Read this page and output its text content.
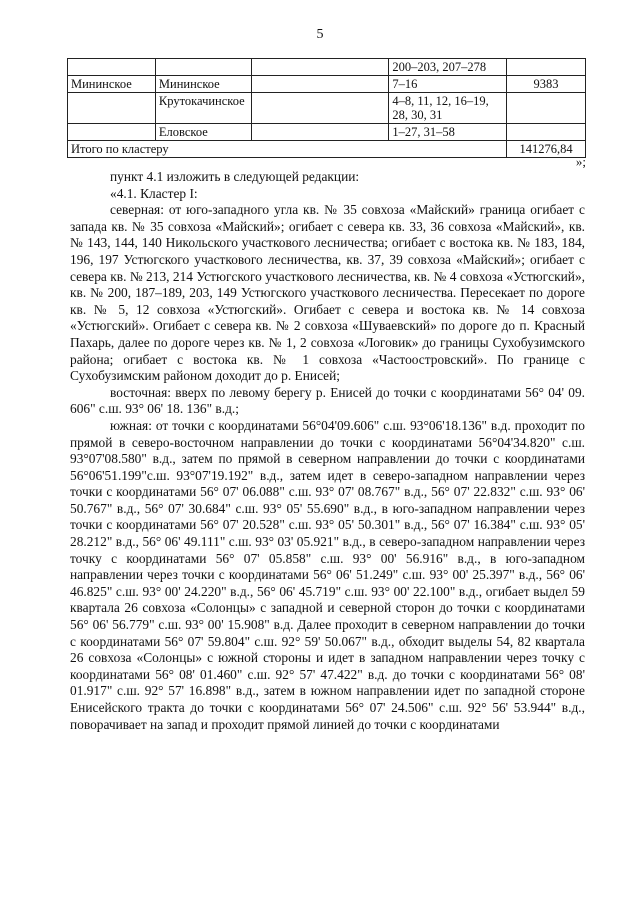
5
			200–203, 207–278	
Мининское	Мининское		7–16	9383
	Крутокачинское		4–8, 11, 12, 16–19, 28, 30, 31	
	Еловское		1–27, 31–58	
Итого по кластеру				141276,84
»;

пункт 4.1 изложить в следующей редакции:

«4.1. Кластер I:

северная: от юго-западного угла кв. № 35 совхоза «Майский» граница огибает с запада кв. № 35 совхоза «Майский»; огибает с севера кв. 33, 36 совхоза «Майский», кв. № 143, 144, 140 Никольского участкового лесничества; огибает с востока кв. № 183, 184, 196, 197 Устюгского участкового лесничества, кв. 37, 39 совхоза «Майский»; огибает с севера кв. № 213, 214 Устюгского участкового лесничества, кв. № 4 совхоза «Устюгский», кв. № 200, 187–189, 203, 149 Устюгского участкового лесничества. Пересекает по дороге кв. № 5, 12 совхоза «Устюгский». Огибает с севера и востока кв. № 14 совхоза «Устюгский». Огибает с севера кв. № 2 совхоза «Шуваевский» по дороге до п. Красный Пахарь, далее по дороге через кв. № 1, 2 совхоза «Логовик» до границы Сухобузимского района; огибает с востока кв. № 1 совхоза «Частоостровский». По границе с Сухобузимским районом доходит до р. Енисей;

восточная: вверх по левому берегу р. Енисей до точки с координатами 56° 04' 09. 606" с.ш. 93° 06' 18. 136" в.д.;

южная: от точки с координатами 56°04'09.606" с.ш. 93°06'18.136" в.д. проходит по прямой в северо-восточном направлении до точки с координатами 56°04'34.820" с.ш. 93°07'08.580" в.д., затем по прямой в северном направлении до точки с координатами 56°06'51.199"с.ш. 93°07'19.192" в.д., затем идет в северо-западном направлении через точки с координатами 56° 07' 06.088" с.ш. 93° 07' 08.767" в.д., 56° 07' 22.832" с.ш. 93° 06' 50.767" в.д., 56° 07' 30.684" с.ш. 93° 05' 55.690" в.д., в юго-западном направлении через точки с координатами 56° 07' 20.528" с.ш. 93° 05' 50.301" в.д., 56° 07' 16.384" с.ш. 93° 05' 28.212" в.д., 56° 06' 49.111" с.ш. 93° 03' 05.921" в.д., в северо-западном направлении через точку с координатами 56° 07' 05.858" с.ш. 93° 00' 56.916" в.д., в юго-западном направлении через точки с координатами 56° 06' 51.249" с.ш. 93° 00' 25.397" в.д., 56° 06' 46.825" с.ш. 93° 00' 24.220" в.д., 56° 06' 45.719" с.ш. 93° 00' 22.100" в.д., огибает выдел 59 квартала 26 совхоза «Солонцы» с западной и северной сторон до точки с координатами 56° 06' 56.779" с.ш. 93° 00' 15.908" в.д. Далее проходит в северном направлении до точки с координатами 56° 07' 59.804" с.ш. 92° 59' 50.067" в.д., обходит выделы 54, 82 квартала 26 совхоза «Солонцы» с южной стороны и идет в западном направлении через точку с координатами 56° 08' 01.460" с.ш. 92° 57' 47.422" в.д. до точки с координатами 56° 08' 01.917" с.ш. 92° 57' 16.898" в.д., затем в южном направлении идет по западной стороне Енисейского тракта до точки с координатами 56° 07' 24.506" с.ш. 92° 56' 53.944" в.д., поворачивает на запад и проходит прямой линией до точки с координатами
